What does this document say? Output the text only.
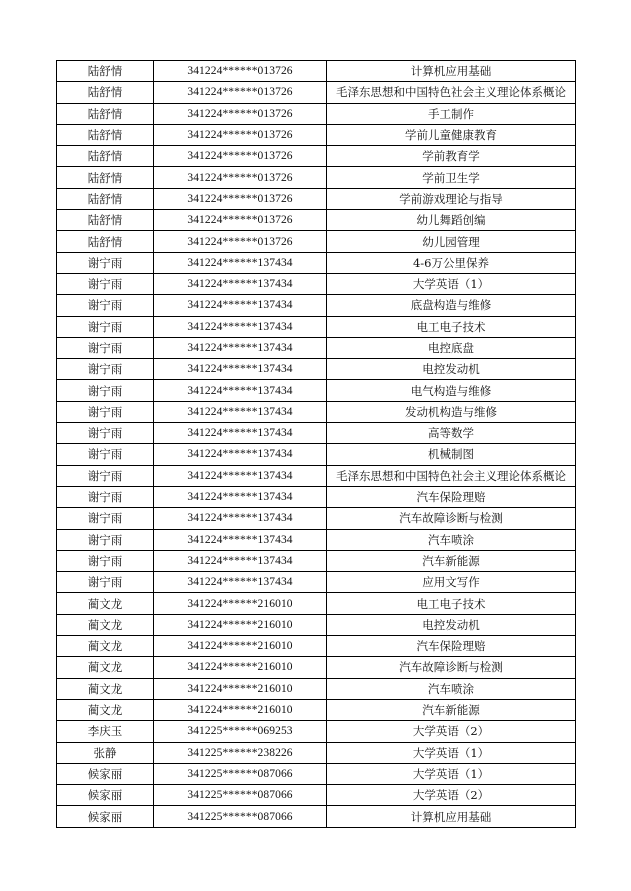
陆舒情	341224******013726	计算机应用基础
陆舒情	341224******013726	毛泽东思想和中国特色社会主义理论体系概论
陆舒情	341224******013726	手工制作
陆舒情	341224******013726	学前儿童健康教育
陆舒情	341224******013726	学前教育学
陆舒情	341224******013726	学前卫生学
陆舒情	341224******013726	学前游戏理论与指导
陆舒情	341224******013726	幼儿舞蹈创编
陆舒情	341224******013726	幼儿园管理
谢宁雨	341224******137434	4-6万公里保养
谢宁雨	341224******137434	大学英语（1）
谢宁雨	341224******137434	底盘构造与维修
谢宁雨	341224******137434	电工电子技术
谢宁雨	341224******137434	电控底盘
谢宁雨	341224******137434	电控发动机
谢宁雨	341224******137434	电气构造与维修
谢宁雨	341224******137434	发动机构造与维修
谢宁雨	341224******137434	高等数学
谢宁雨	341224******137434	机械制图
谢宁雨	341224******137434	毛泽东思想和中国特色社会主义理论体系概论
谢宁雨	341224******137434	汽车保险理赔
谢宁雨	341224******137434	汽车故障诊断与检测
谢宁雨	341224******137434	汽车喷涂
谢宁雨	341224******137434	汽车新能源
谢宁雨	341224******137434	应用文写作
蔺文龙	341224******216010	电工电子技术
蔺文龙	341224******216010	电控发动机
蔺文龙	341224******216010	汽车保险理赔
蔺文龙	341224******216010	汽车故障诊断与检测
蔺文龙	341224******216010	汽车喷涂
蔺文龙	341224******216010	汽车新能源
李庆玉	341225******069253	大学英语（2）
张静	341225******238226	大学英语（1）
候家丽	341225******087066	大学英语（1）
候家丽	341225******087066	大学英语（2）
候家丽	341225******087066	计算机应用基础
